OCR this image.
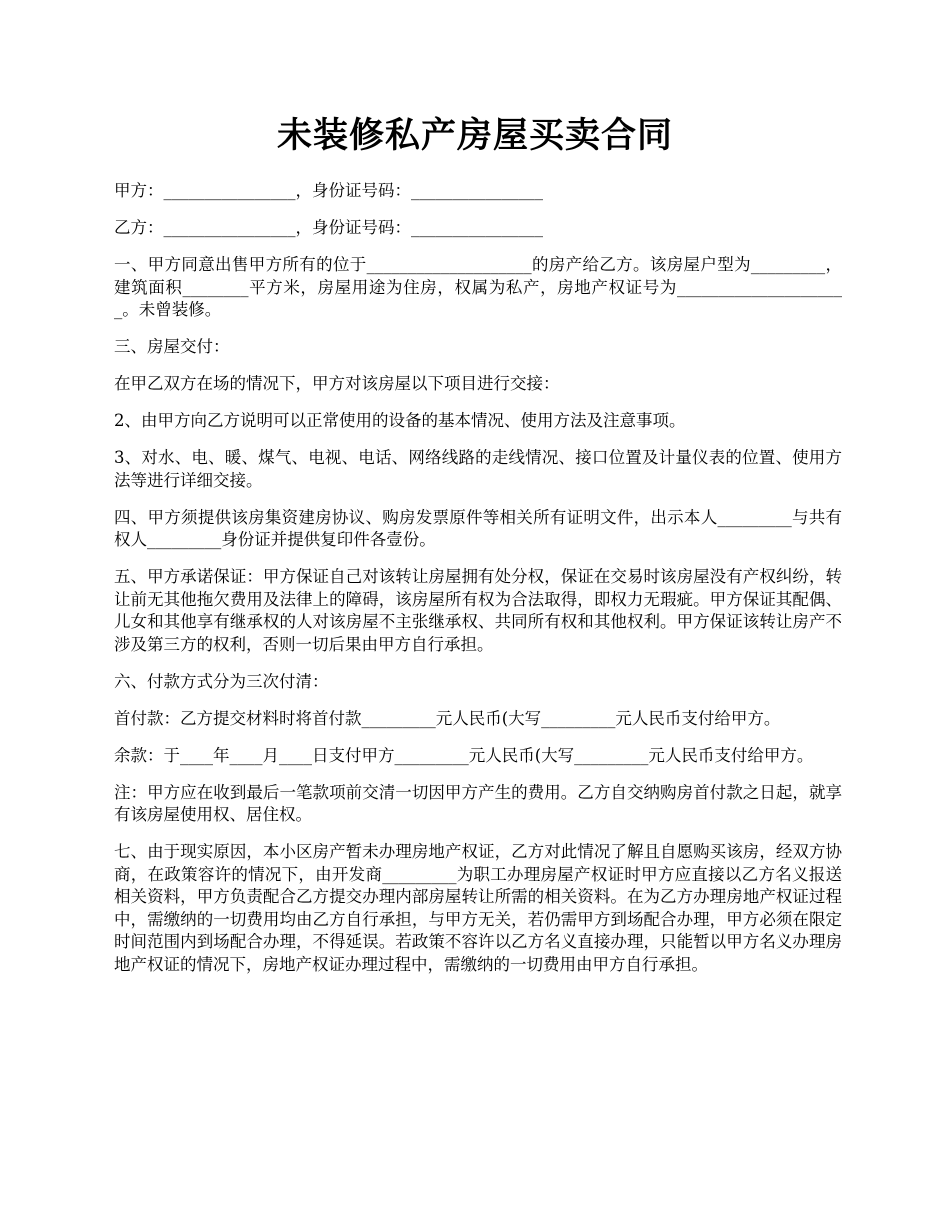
未装修私产房屋买卖合同

甲方：________________，身份证号码：________________

乙方：________________，身份证号码：________________

一、甲方同意出售甲方所有的位于____________________的房产给乙方。该房屋户型为_________，建筑面积________平方米，房屋用途为住房，权属为私产，房地产权证号为_____________________。未曾装修。

三、房屋交付：

在甲乙双方在场的情况下，甲方对该房屋以下项目进行交接：

2、由甲方向乙方说明可以正常使用的设备的基本情况、使用方法及注意事项。

3、对水、电、暖、煤气、电视、电话、网络线路的走线情况、接口位置及计量仪表的位置、使用方法等进行详细交接。

四、甲方须提供该房集资建房协议、购房发票原件等相关所有证明文件，出示本人_________与共有权人_________身份证并提供复印件各壹份。

五、甲方承诺保证：甲方保证自己对该转让房屋拥有处分权，保证在交易时该房屋没有产权纠纷，转让前无其他拖欠费用及法律上的障碍，该房屋所有权为合法取得，即权力无瑕疵。甲方保证其配偶、儿女和其他享有继承权的人对该房屋不主张继承权、共同所有权和其他权利。甲方保证该转让房产不涉及第三方的权利，否则一切后果由甲方自行承担。

六、付款方式分为三次付清：

首付款：乙方提交材料时将首付款_________元人民币(大写_________元人民币支付给甲方。

余款：于____年____月____日支付甲方_________元人民币(大写_________元人民币支付给甲方。

注：甲方应在收到最后一笔款项前交清一切因甲方产生的费用。乙方自交纳购房首付款之日起，就享有该房屋使用权、居住权。

七、由于现实原因，本小区房产暂未办理房地产权证，乙方对此情况了解且自愿购买该房，经双方协商，在政策容许的情况下，由开发商_________为职工办理房屋产权证时甲方应直接以乙方名义报送相关资料，甲方负责配合乙方提交办理内部房屋转让所需的相关资料。在为乙方办理房地产权证过程中，需缴纳的一切费用均由乙方自行承担，与甲方无关，若仍需甲方到场配合办理，甲方必须在限定时间范围内到场配合办理，不得延误。若政策不容许以乙方名义直接办理，只能暂以甲方名义办理房地产权证的情况下，房地产权证办理过程中，需缴纳的一切费用由甲方自行承担。
